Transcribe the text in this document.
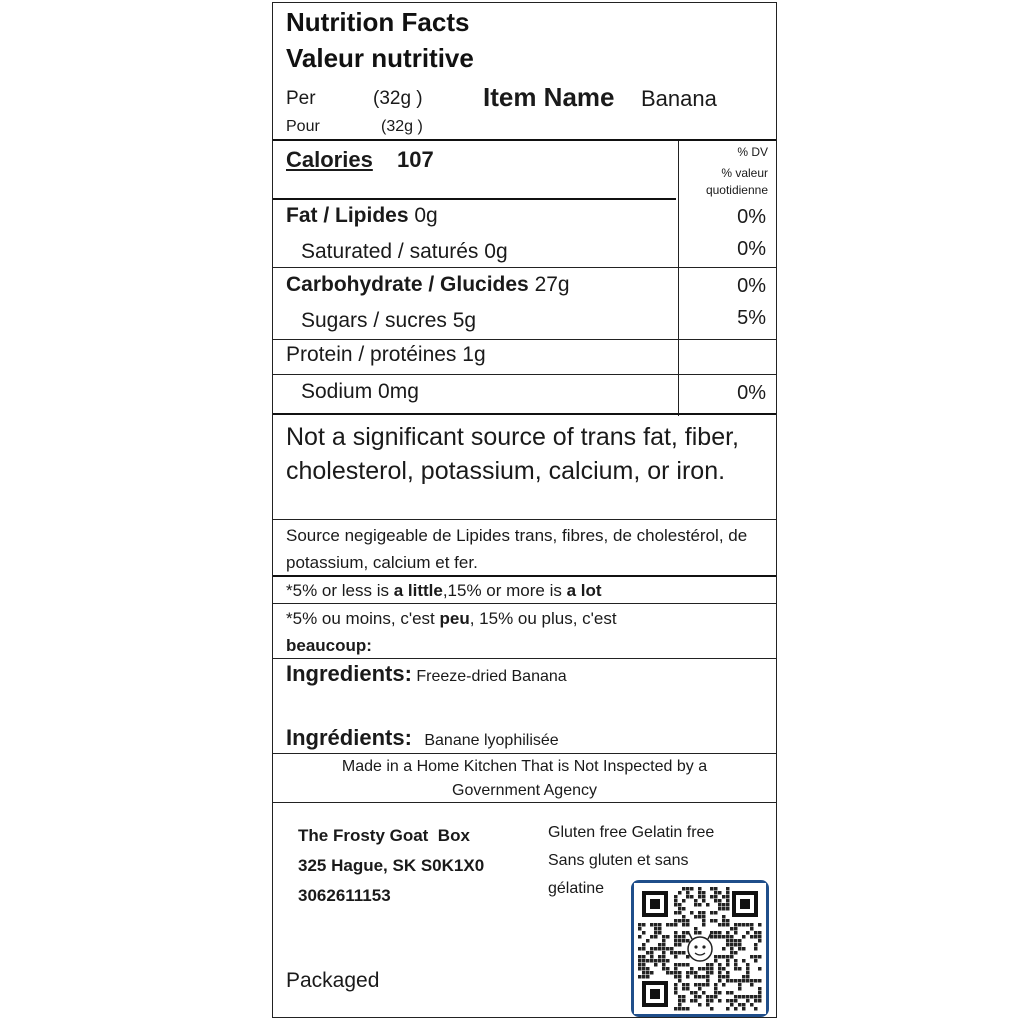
Nutrition Facts
Valeur nutritive
Per	(32g ) Item Name Banana
Pour	(32g )
Calories 107	% DV
% valeur
quotidienne
Fat / Lipides 0g	0%
Saturated / saturés 0g	0%
Carbohydrate / Glucides 27g	0%
Sugars / sucres 5g	5%
Protein / protéines 1g
Sodium 0mg	0%
Not a significant source of trans fat, fiber, cholesterol, potassium, calcium, or iron.
Source negigeable de Lipides trans, fibres, de cholestérol, de potassium, calcium et fer.
*5% or less is a little,15% or more is a lot
*5% ou moins, c'est peu, 15% ou plus, c'est
beaucoup:
Ingredients: Freeze-dried Banana
Ingrédients: Banane lyophilisée
Made in a Home Kitchen That is Not Inspected by a
Government Agency
The Frosty Goat  Box
325 Hague, SK S0K1X0
3062611153
Packaged
Gluten free Gelatin free
Sans gluten et sans
gélatine
